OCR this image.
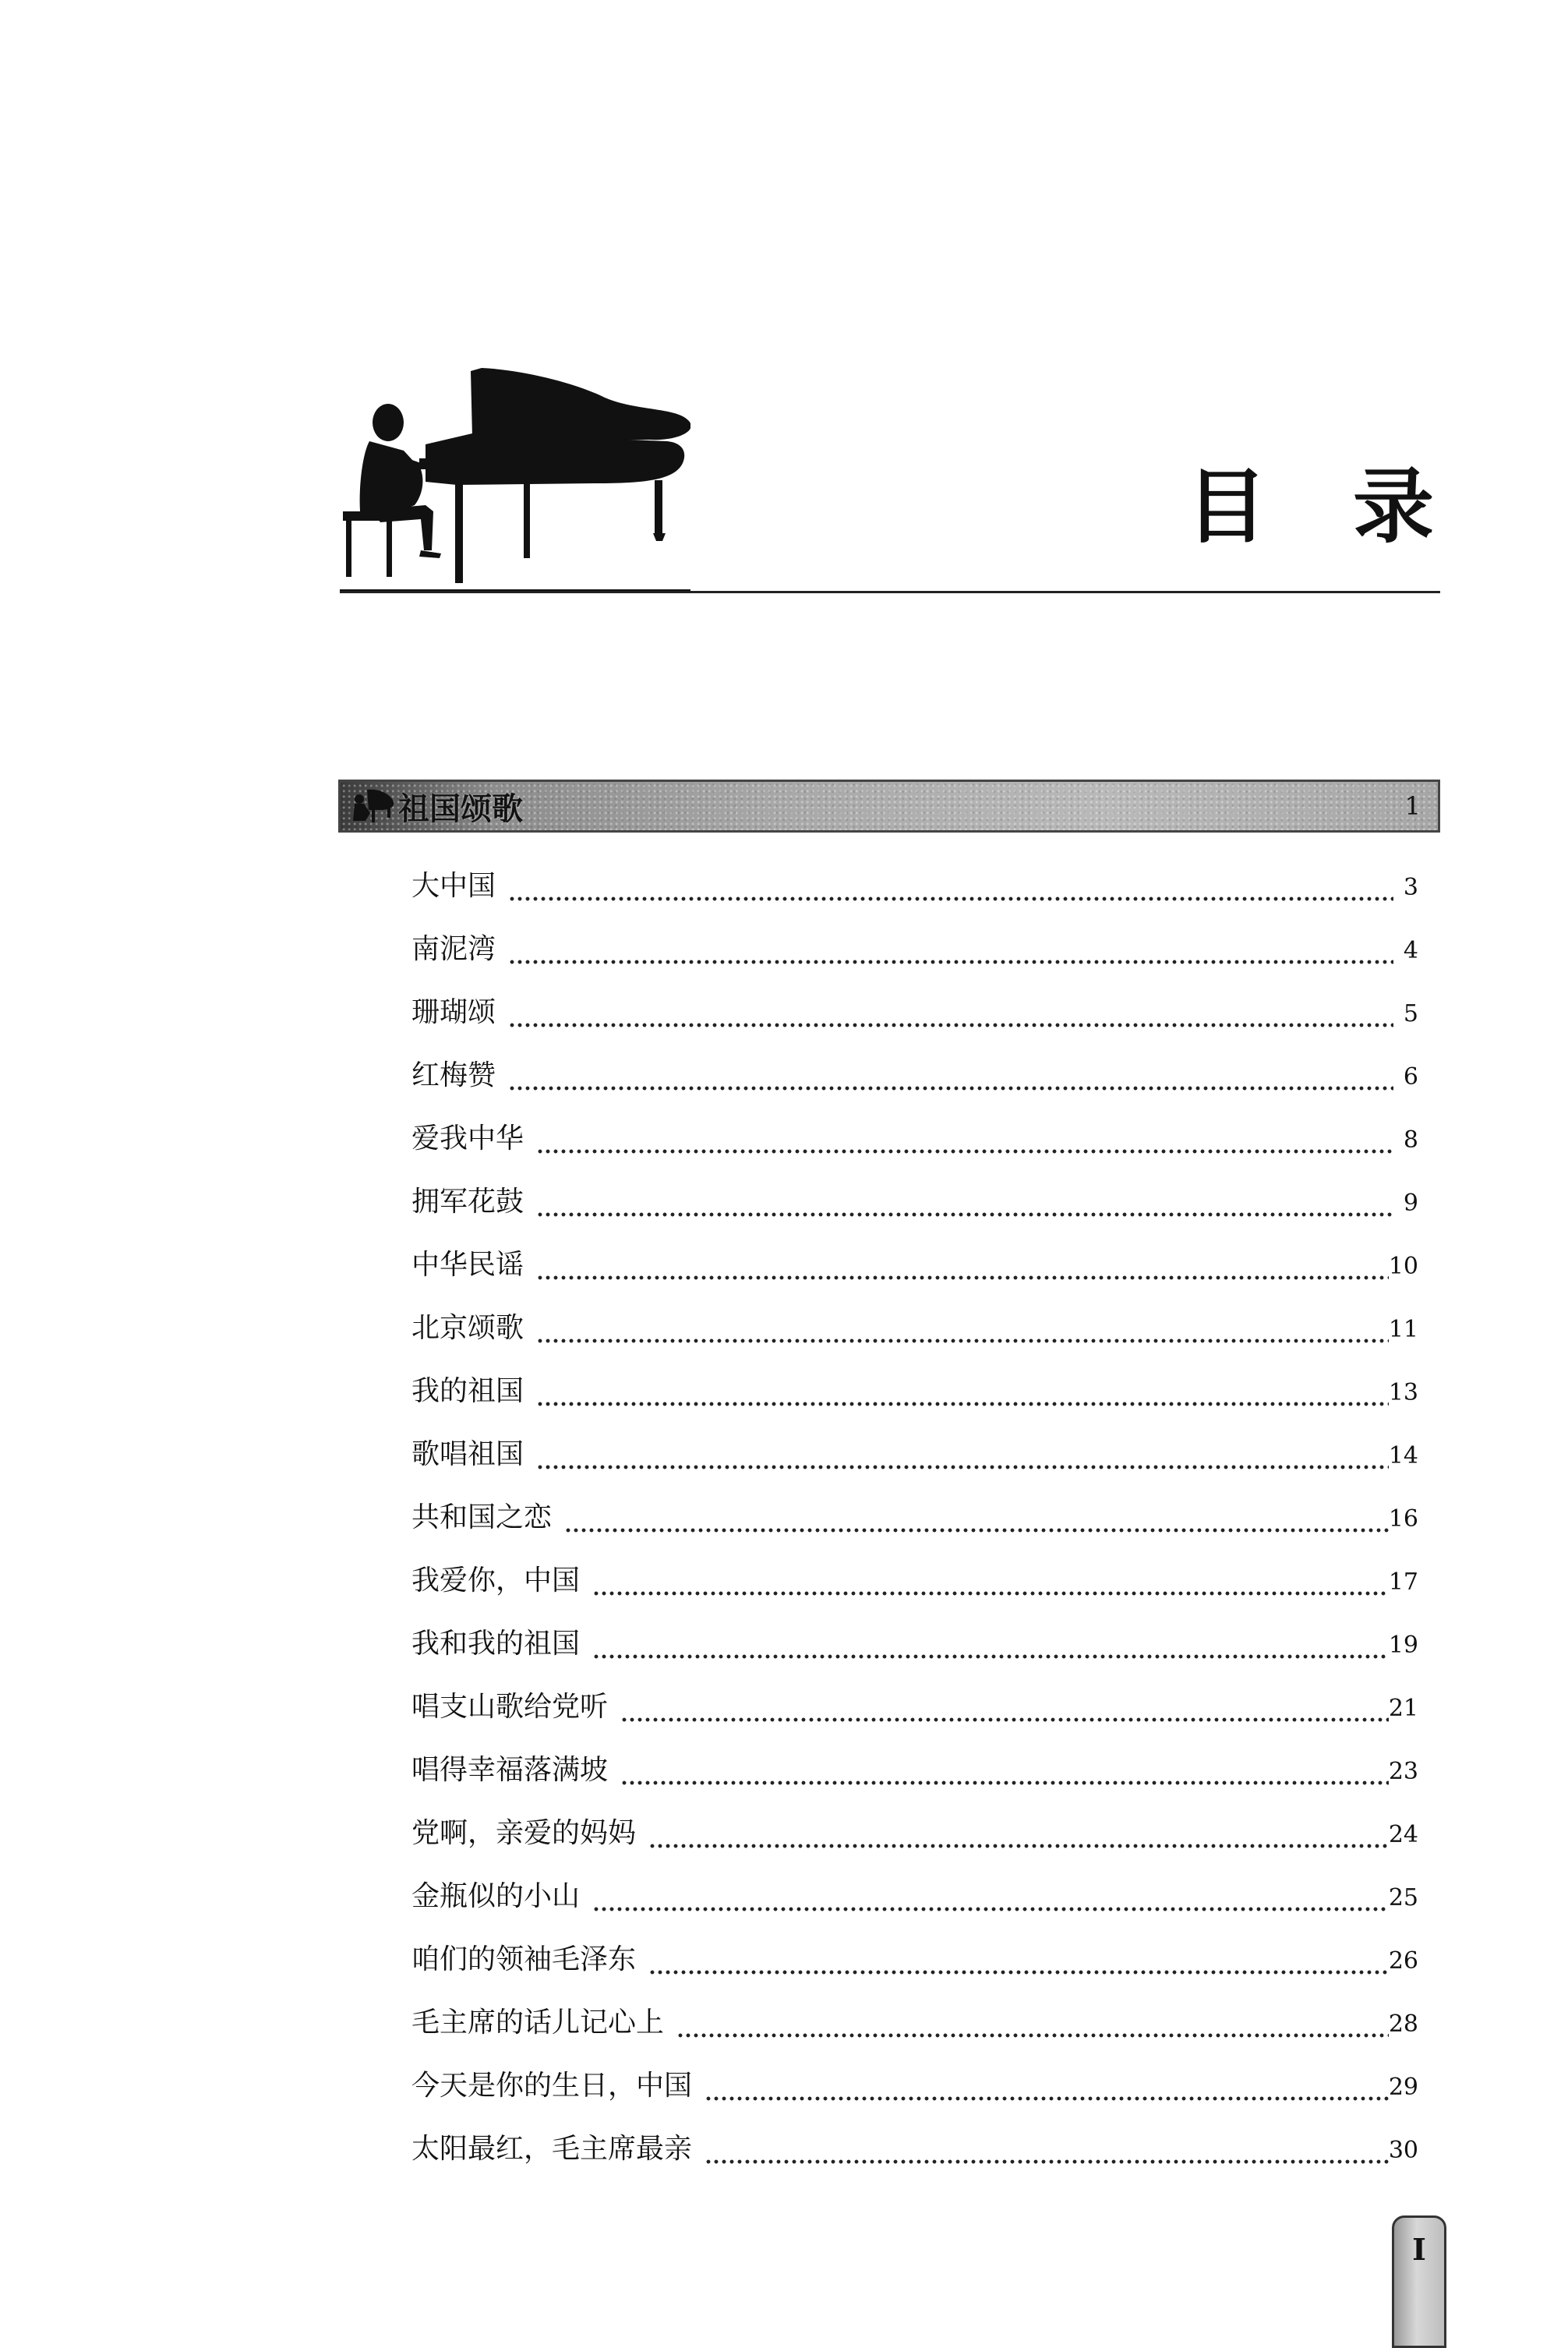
目录
祖国颂歌	1
大中国	3
南泥湾	4
珊瑚颂	5
红梅赞	6
爱我中华	8
拥军花鼓	9
中华民谣	10
北京颂歌	11
我的祖国	13
歌唱祖国	14
共和国之恋	16
我爱你，中国	17
我和我的祖国	19
唱支山歌给党听	21
唱得幸福落满坡	23
党啊，亲爱的妈妈	24
金瓶似的小山	25
咱们的领袖毛泽东	26
毛主席的话儿记心上	28
今天是你的生日，中国	29
太阳最红，毛主席最亲	30
I
